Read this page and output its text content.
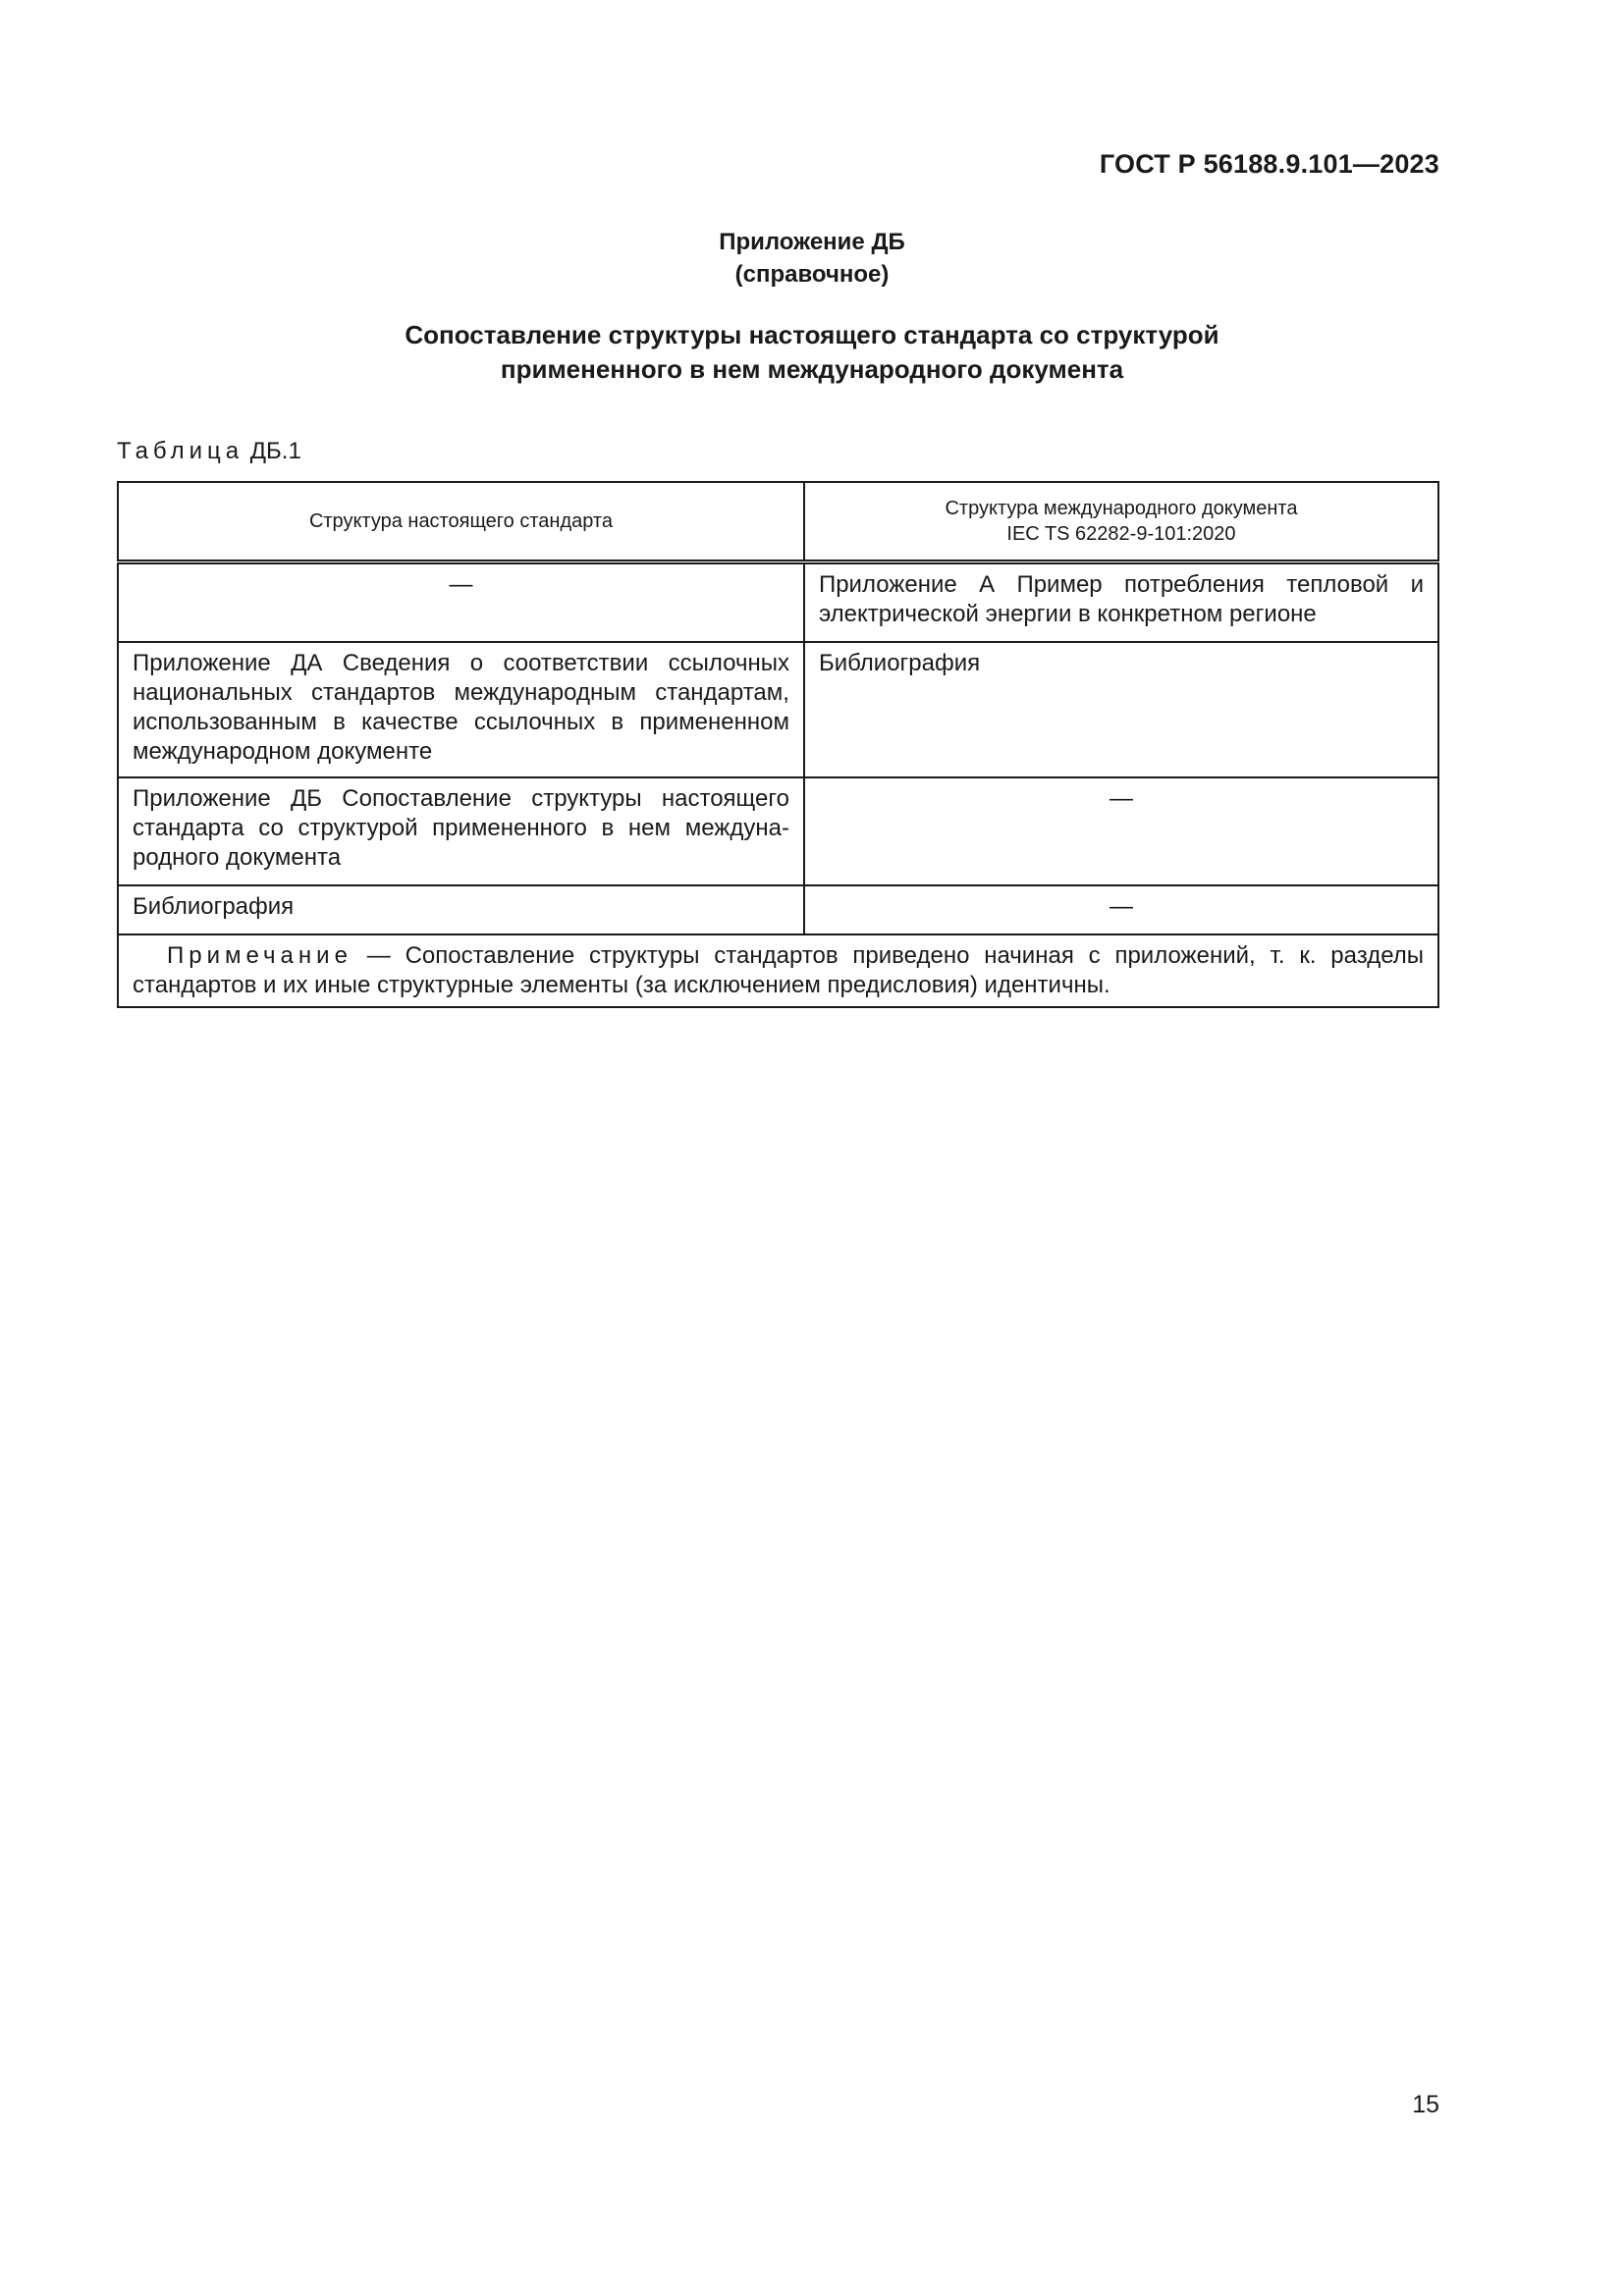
ГОСТ Р 56188.9.101—2023
Приложение ДБ
(справочное)
Сопоставление структуры настоящего стандарта со структурой
примененного в нем международного документа
Таблица ДБ.1
Структура настоящего стандарта	Структура международного документа
IEC TS 62282-9-101:2020

—	Приложение А Пример потребления тепловой и электрической энергии в конкретном регионе
Приложение ДА Сведения о соответствии ссылочных национальных стандартов международным стандартам, использованным в качестве ссылочных в примененном международном документе	Библиография
Приложение ДБ Сопоставление структуры настоящего стандарта со структурой примененного в нем международного документа	—
Библиография	—
Примечание — Сопоставление структуры стандартов приведено начиная с приложений, т. к. разделы стандартов и их иные структурные элементы (за исключением предисловия) идентичны.	
15
